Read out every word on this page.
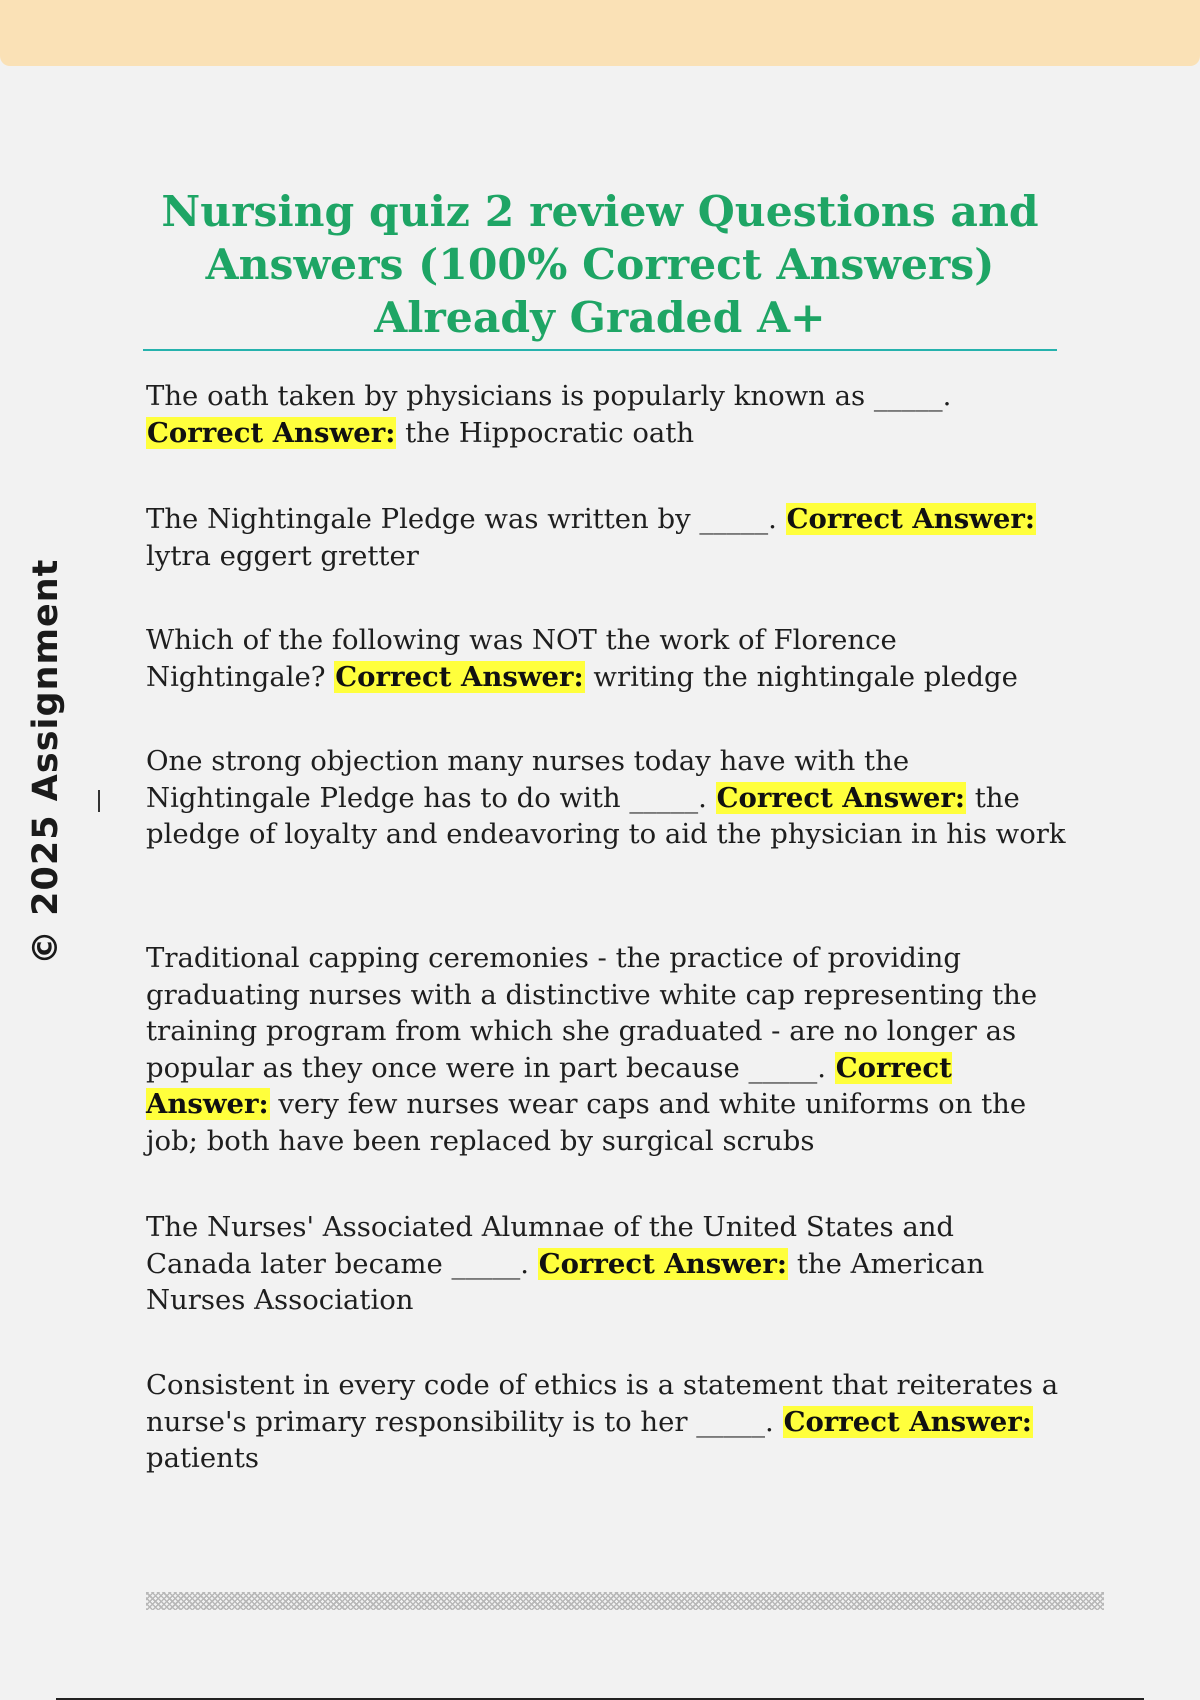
© 2025 Assignment
Nursing quiz 2 review Questions and Answers (100% Correct Answers) Already Graded A+

The oath taken by physicians is popularly known as _____. Correct Answer: the Hippocratic oath

The Nightingale Pledge was written by _____. Correct Answer: lytra eggert gretter

Which of the following was NOT the work of Florence Nightingale? Correct Answer: writing the nightingale pledge

One strong objection many nurses today have with the Nightingale Pledge has to do with _____. Correct Answer: the pledge of loyalty and endeavoring to aid the physician in his work

Traditional capping ceremonies - the practice of providing graduating nurses with a distinctive white cap representing the training program from which she graduated - are no longer as popular as they once were in part because _____. Correct Answer: very few nurses wear caps and white uniforms on the job; both have been replaced by surgical scrubs

The Nurses' Associated Alumnae of the United States and Canada later became _____. Correct Answer: the American Nurses Association

Consistent in every code of ethics is a statement that reiterates a nurse's primary responsibility is to her _____. Correct Answer: patients
